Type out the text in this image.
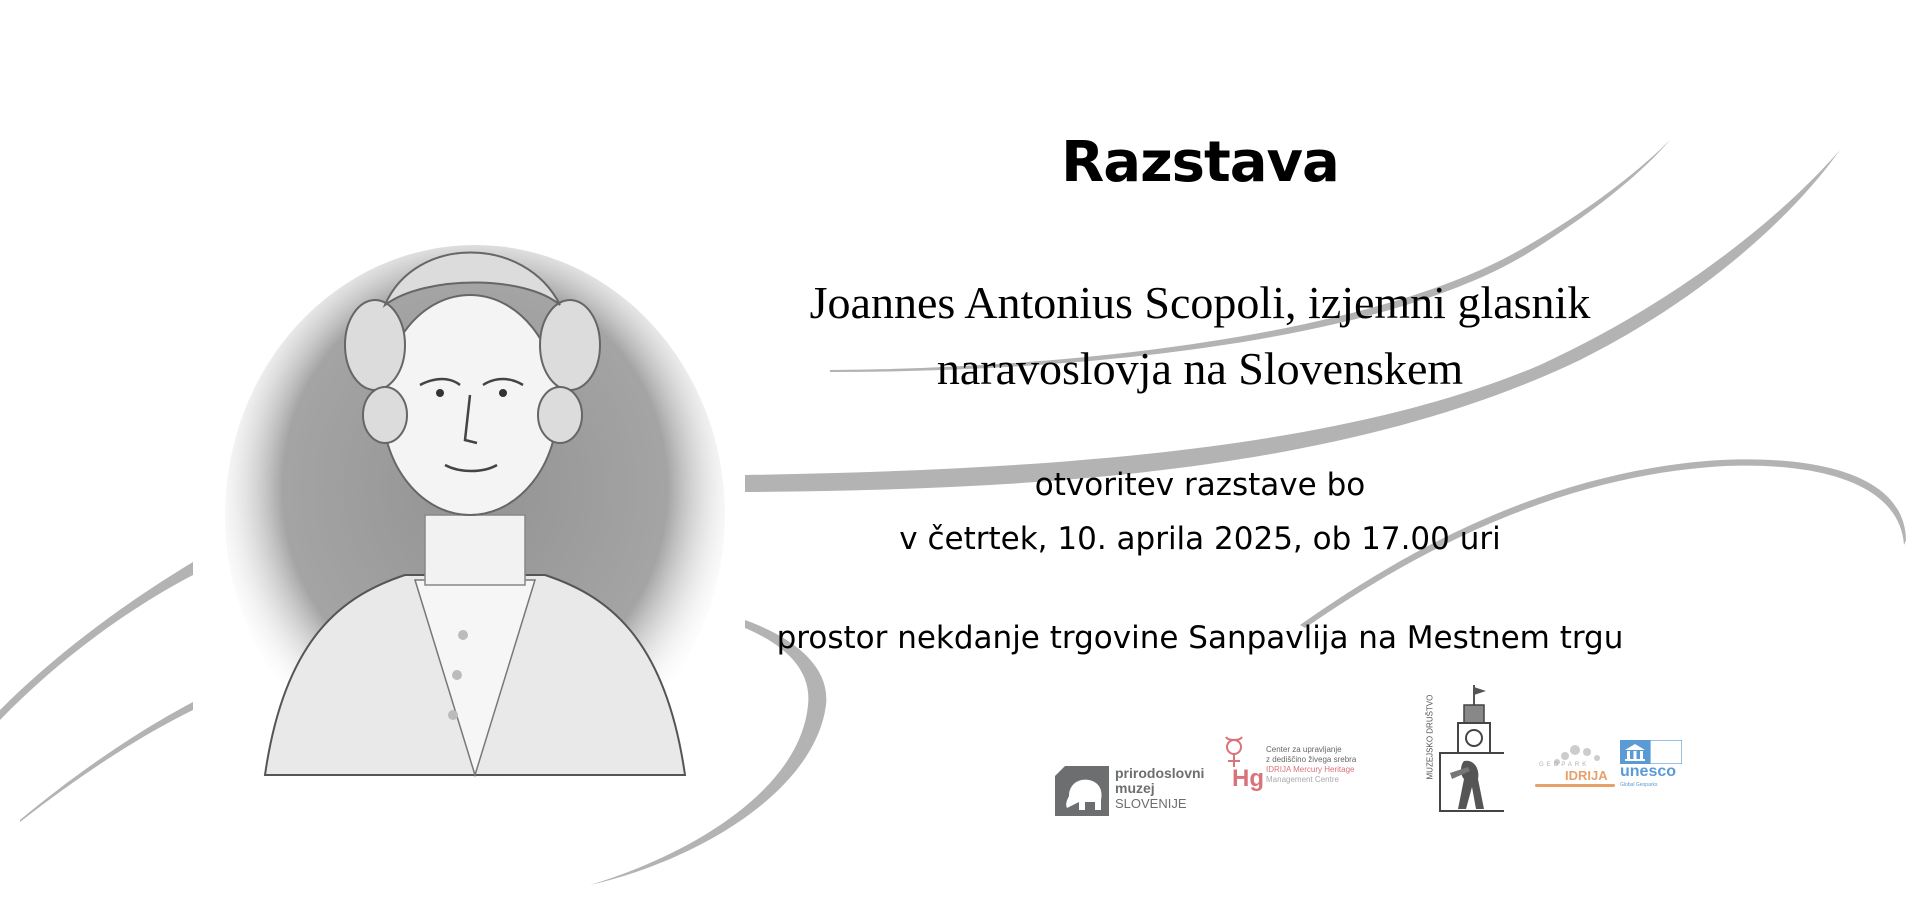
Razstava
Joannes Antonius Scopoli, izjemni glasnik
naravoslovja na Slovenskem
otvoritev razstave bo
v četrtek, 10. aprila 2025, ob 17.00 uri
prostor nekdanje trgovine Sanpavlija na Mestnem trgu
prirodoslovni
muzej
SLOVENIJE
Hg
Center za upravljanje
z dediščino živega srebra
IDRIJA Mercury Heritage
Management Centre	MUZEJSKO DRUŠTVO	GEOPARK
IDRIJA unesco
Global Geoparks
